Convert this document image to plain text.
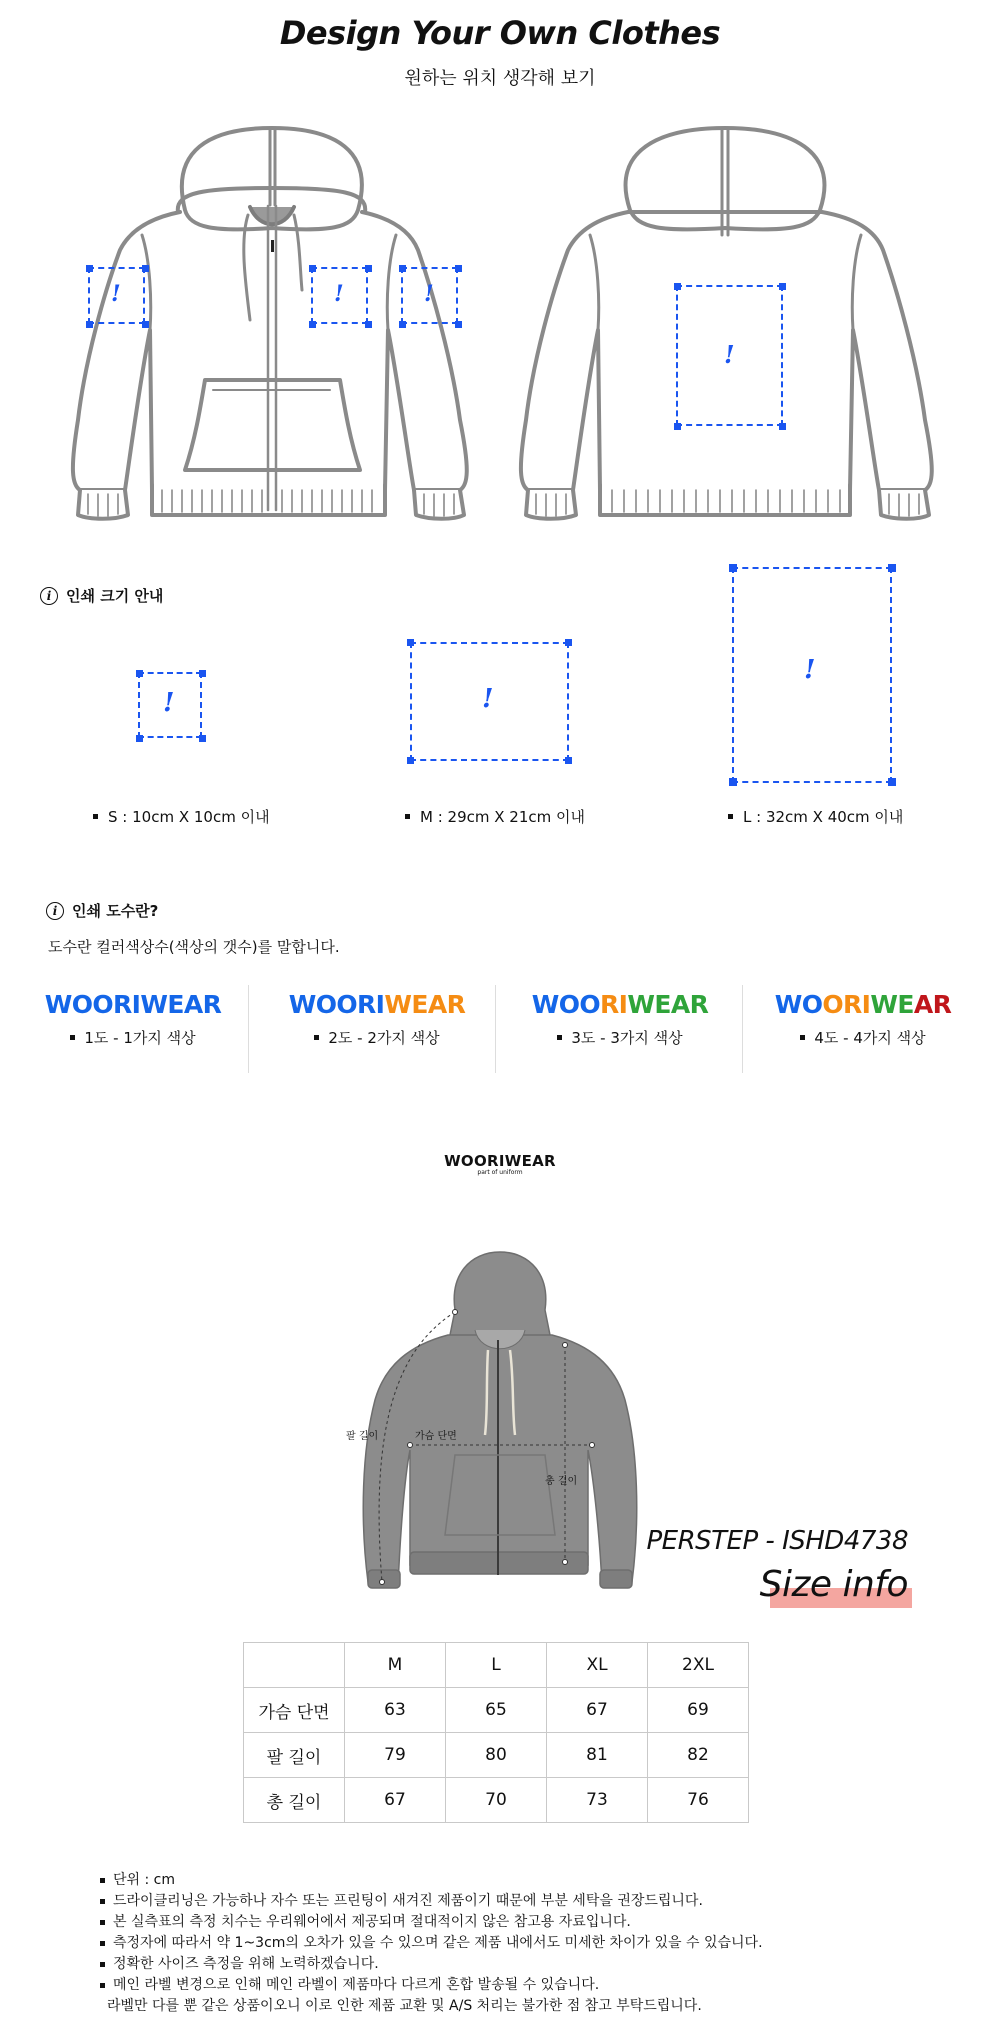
Design Your Own Clothes
원하는 위치 생각해 보기
!	!	!
!
i 인쇄 크기 안내
!	!
!
S : 10cm X 10cm 이내	M : 29cm X 21cm 이내	L : 32cm X 40cm 이내
i 인쇄 도수란?
도수란 컬러색상수(색상의 갯수)를 말합니다.
WOORIWEAR
1도 - 1가지 색상
WOORIWEAR
2도 - 2가지 색상
WOORIWEAR
3도 - 3가지 색상
WOORIWEAR
4도 - 4가지 색상
WOORIWEAR
part of uniform
팔 길이	가슴 단면
총 길이
PERSTEP - ISHD4738
Size info
	M	L	XL	2XL
가슴 단면	63	65	67	69
팔 길이	79	80	81	82
총 길이	67	70	73	76
단위 : cm
드라이클리닝은 가능하나 자수 또는 프린팅이 새겨진 제품이기 때문에 부분 세탁을 권장드립니다.
본 실측표의 측정 치수는 우리웨어에서 제공되며 절대적이지 않은 참고용 자료입니다.
측정자에 따라서 약 1~3cm의 오차가 있을 수 있으며 같은 제품 내에서도 미세한 차이가 있을 수 있습니다.
정확한 사이즈 측정을 위해 노력하겠습니다.
메인 라벨 변경으로 인해 메인 라벨이 제품마다 다르게 혼합 발송될 수 있습니다.
라벨만 다를 뿐 같은 상품이오니 이로 인한 제품 교환 및 A/S 처리는 불가한 점 참고 부탁드립니다.
